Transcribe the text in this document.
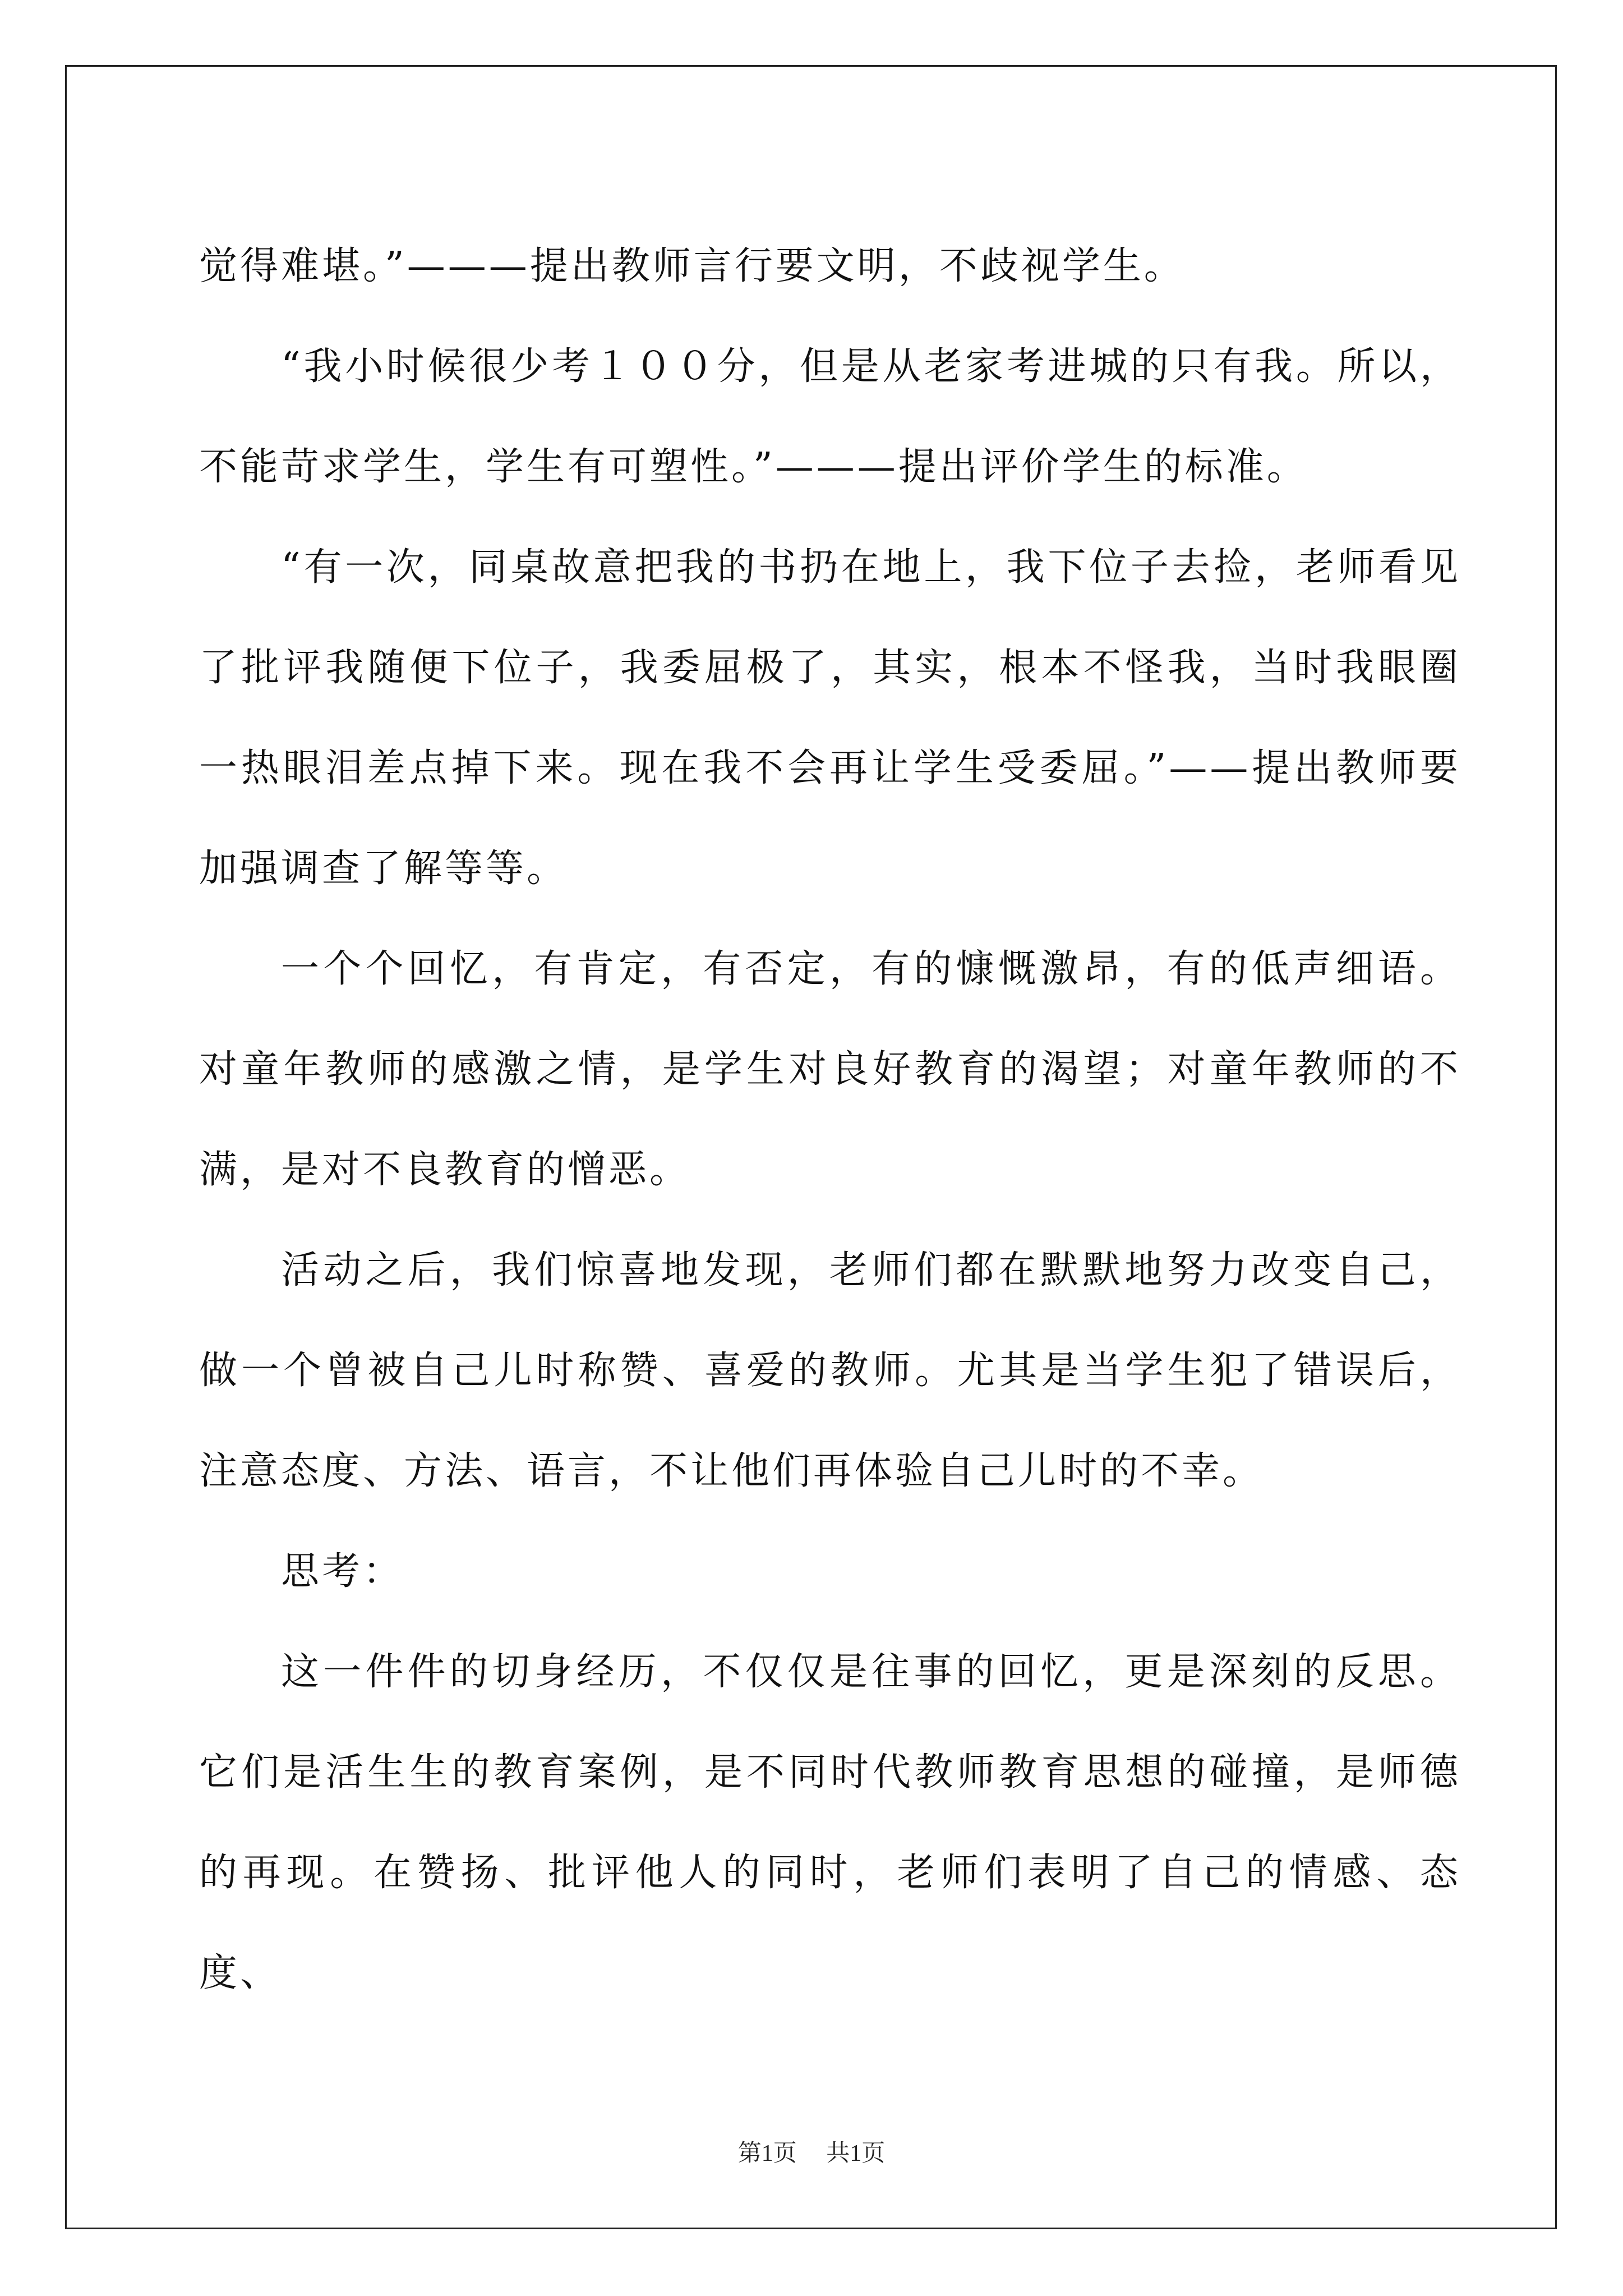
觉得难堪。”———提出教师言行要文明，不歧视学生。

“我小时候很少考１００分，但是从老家考进城的只有我。所以，不能苛求学生，学生有可塑性。”———提出评价学生的标准。

“有一次，同桌故意把我的书扔在地上，我下位子去捡，老师看见了批评我随便下位子，我委屈极了，其实，根本不怪我，当时我眼圈一热眼泪差点掉下来。现在我不会再让学生受委屈。”——提出教师要加强调查了解等等。

一个个回忆，有肯定，有否定，有的慷慨激昂，有的低声细语。对童年教师的感激之情，是学生对良好教育的渴望；对童年教师的不满，是对不良教育的憎恶。

活动之后，我们惊喜地发现，老师们都在默默地努力改变自己，做一个曾被自己儿时称赞、喜爱的教师。尤其是当学生犯了错误后，注意态度、方法、语言，不让他们再体验自己儿时的不幸。

思考：

这一件件的切身经历，不仅仅是往事的回忆，更是深刻的反思。它们是活生生的教育案例，是不同时代教师教育思想的碰撞，是师德的再现。在赞扬、批评他人的同时，老师们表明了自己的情感、态度、

第1页 共1页
